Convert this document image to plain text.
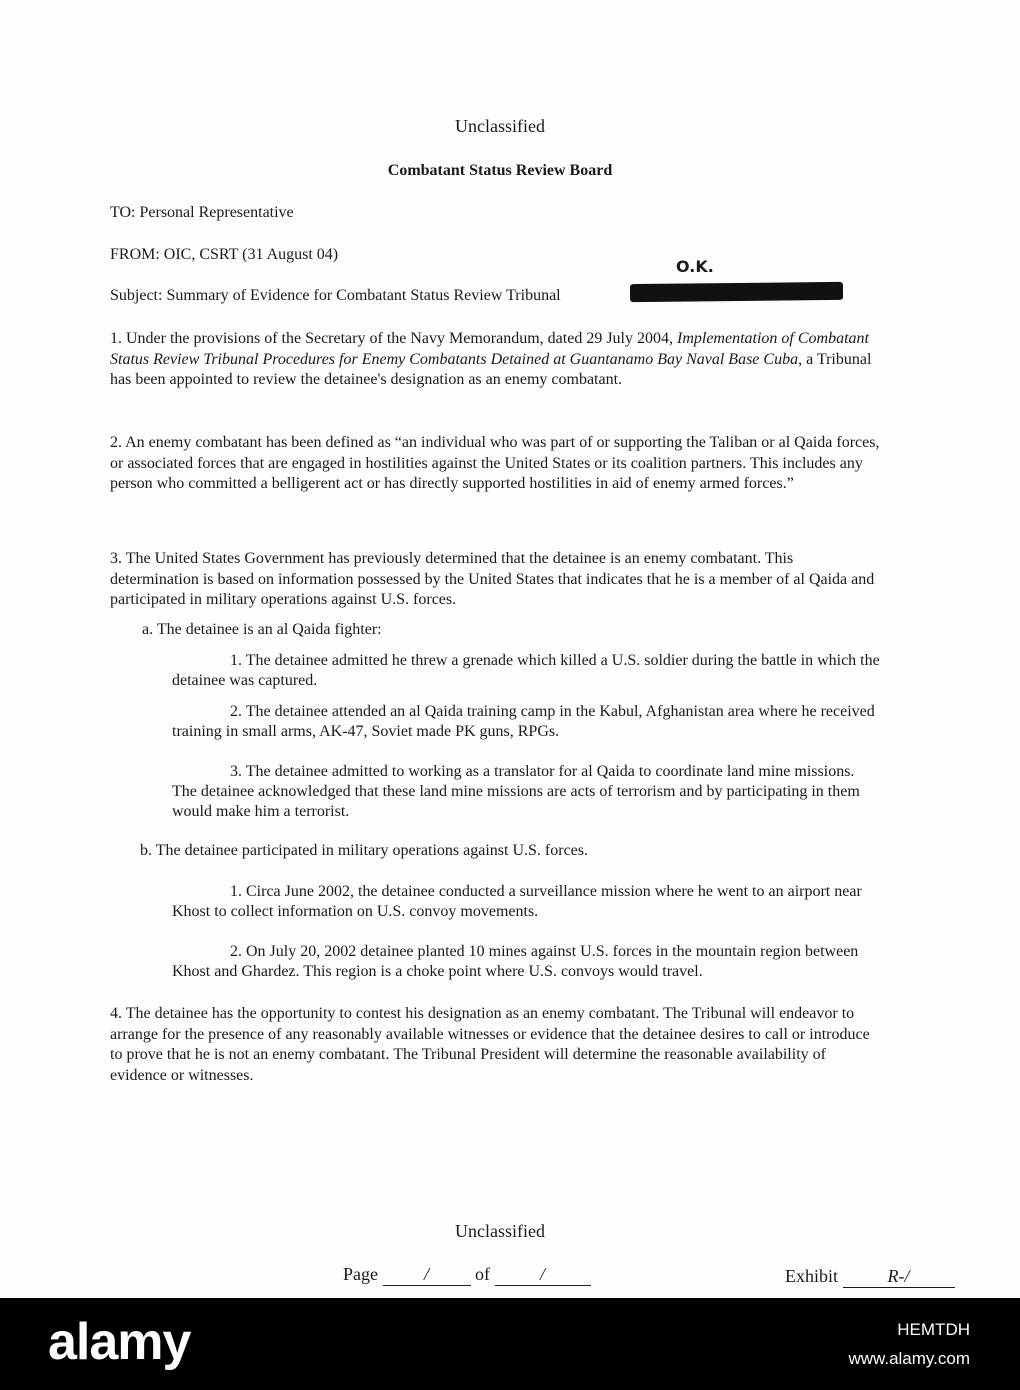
Unclassified
Combatant Status Review Board
TO: Personal Representative
FROM: OIC, CSRT (31 August 04)
O.K.
Subject: Summary of Evidence for Combatant Status Review Tribunal
1. Under the provisions of the Secretary of the Navy Memorandum, dated 29 July 2004, Implementation of Combatant Status Review Tribunal Procedures for Enemy Combatants Detained at Guantanamo Bay Naval Base Cuba, a Tribunal has been appointed to review the detainee's designation as an enemy combatant.
2. An enemy combatant has been defined as “an individual who was part of or supporting the Taliban or al Qaida forces, or associated forces that are engaged in hostilities against the United States or its coalition partners. This includes any person who committed a belligerent act or has directly supported hostilities in aid of enemy armed forces.”
3. The United States Government has previously determined that the detainee is an enemy combatant. This determination is based on information possessed by the United States that indicates that he is a member of al Qaida and participated in military operations against U.S. forces.
a. The detainee is an al Qaida fighter:
1. The detainee admitted he threw a grenade which killed a U.S. soldier during the battle in which the detainee was captured.
2. The detainee attended an al Qaida training camp in the Kabul, Afghanistan area where he received training in small arms, AK-47, Soviet made PK guns, RPGs.
3. The detainee admitted to working as a translator for al Qaida to coordinate land mine missions. The detainee acknowledged that these land mine missions are acts of terrorism and by participating in them would make him a terrorist.
b. The detainee participated in military operations against U.S. forces.
1. Circa June 2002, the detainee conducted a surveillance mission where he went to an airport near Khost to collect information on U.S. convoy movements.
2. On July 20, 2002 detainee planted 10 mines against U.S. forces in the mountain region between Khost and Ghardez. This region is a choke point where U.S. convoys would travel.
4. The detainee has the opportunity to contest his designation as an enemy combatant. The Tribunal will endeavor to arrange for the presence of any reasonably available witnesses or evidence that the detainee desires to call or introduce to prove that he is not an enemy combatant. The Tribunal President will determine the reasonable availability of evidence or witnesses.
Unclassified
Page	/	of	/	Exhibit	R-/
alamy	HEMTDH
www.alamy.com
